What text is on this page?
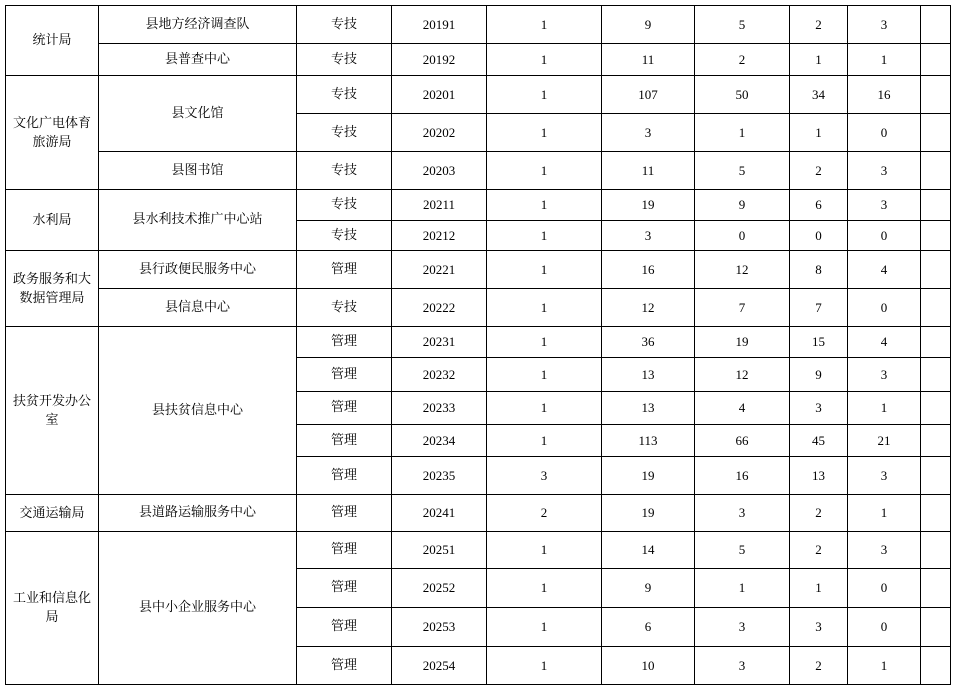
统计局	县地方经济调查队	专技	20191	1	9	5	2	3	
	县普查中心	专技	20192	1	11	2	1	1	
文化广电体育旅游局	县文化馆	专技	20201	1	107	50	34	16	
		专技	20202	1	3	1	1	0	
	县图书馆	专技	20203	1	11	5	2	3	
水利局	县水利技术推广中心站	专技	20211	1	19	9	6	3	
		专技	20212	1	3	0	0	0	
政务服务和大数据管理局	县行政便民服务中心	管理	20221	1	16	12	8	4	
	县信息中心	专技	20222	1	12	7	7	0	
扶贫开发办公室	县扶贫信息中心	管理	20231	1	36	19	15	4	
		管理	20232	1	13	12	9	3	
		管理	20233	1	13	4	3	1	
		管理	20234	1	113	66	45	21	
		管理	20235	3	19	16	13	3	
交通运输局	县道路运输服务中心	管理	20241	2	19	3	2	1	
工业和信息化局	县中小企业服务中心	管理	20251	1	14	5	2	3	
		管理	20252	1	9	1	1	0	
		管理	20253	1	6	3	3	0	
		管理	20254	1	10	3	2	1	
